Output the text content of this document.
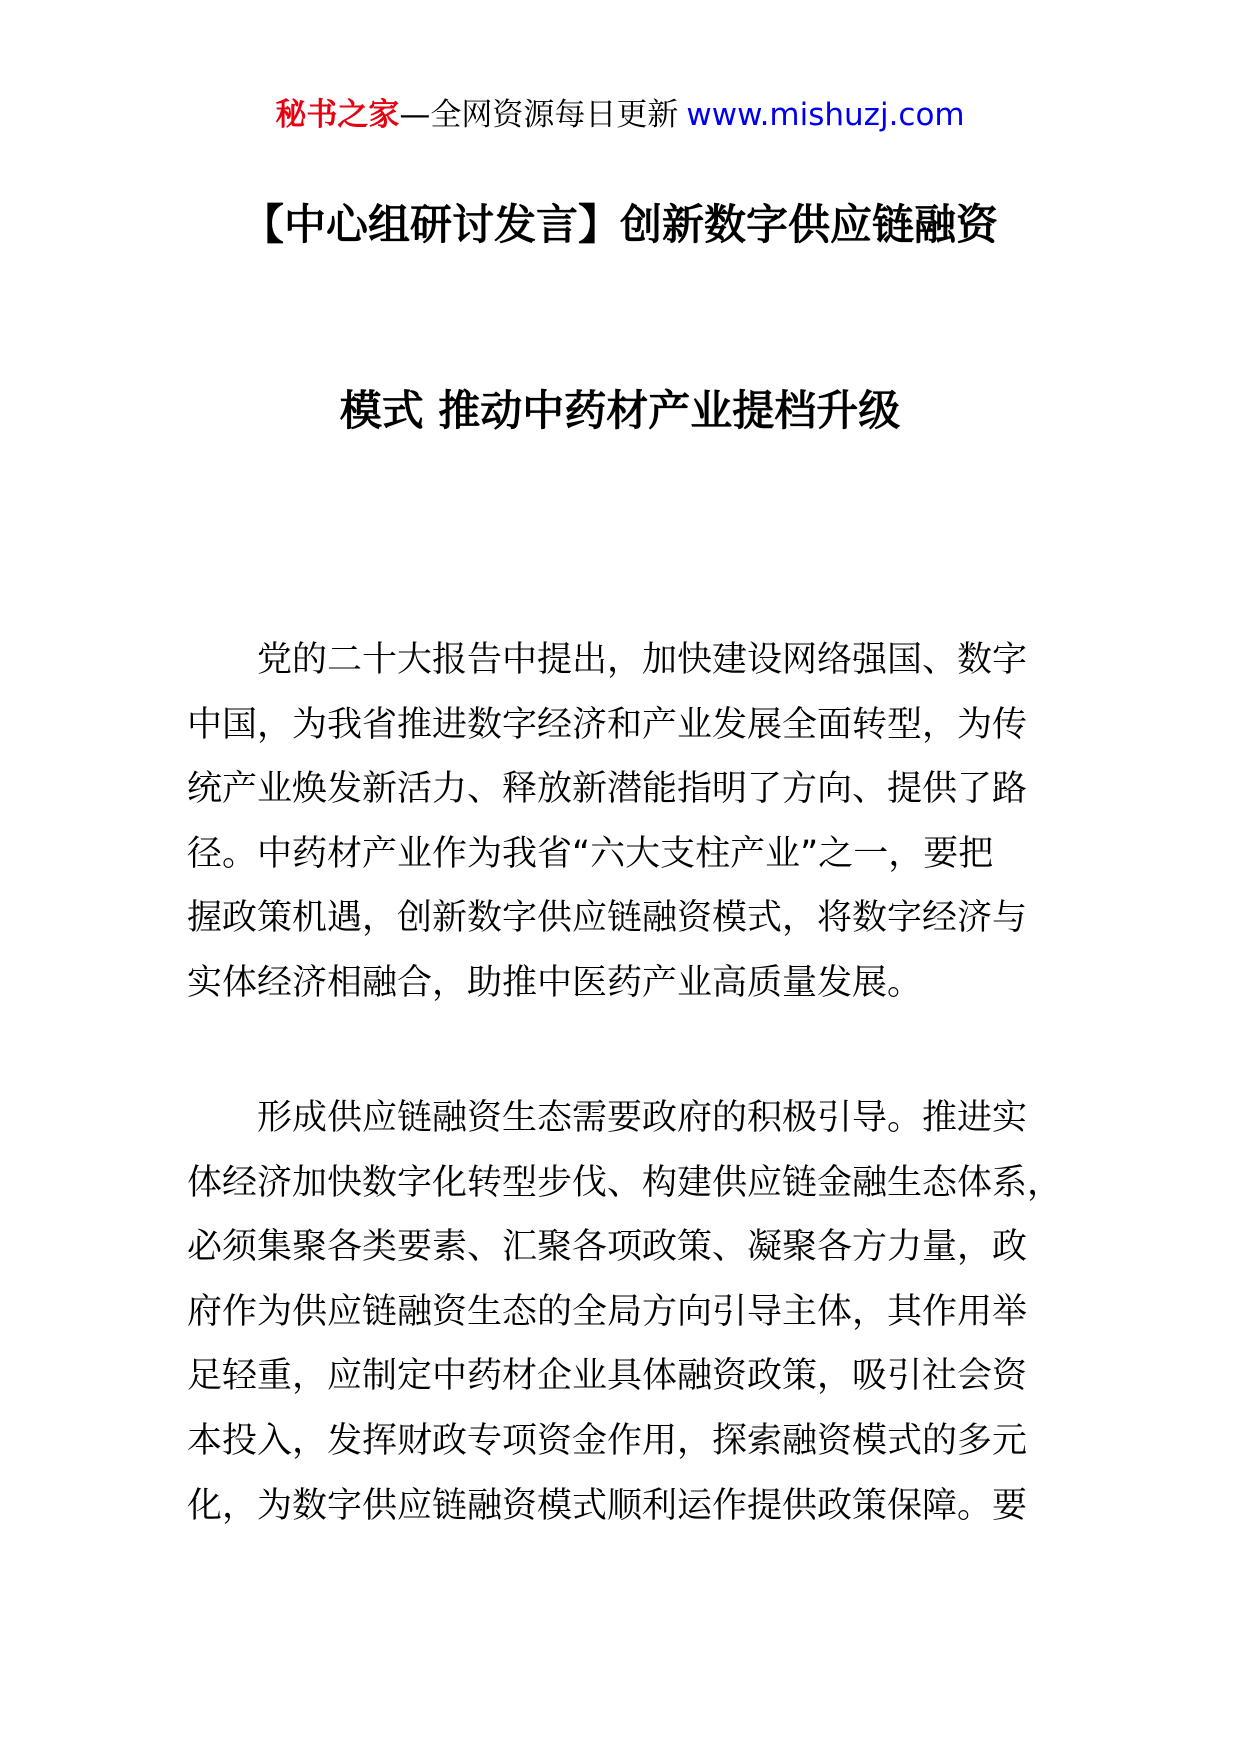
秘书之家—全网资源每日更新 www.mishuzj.com
【中心组研讨发言】创新数字供应链融资
模式 推动中药材产业提档升级
党的二十大报告中提出，加快建设网络强国、数字
中国，为我省推进数字经济和产业发展全面转型，为传
统产业焕发新活力、释放新潜能指明了方向、提供了路
径。中药材产业作为我省“六大支柱产业”之一，要把
握政策机遇，创新数字供应链融资模式，将数字经济与
实体经济相融合，助推中医药产业高质量发展。
形成供应链融资生态需要政府的积极引导。推进实
体经济加快数字化转型步伐、构建供应链金融生态体系，
必须集聚各类要素、汇聚各项政策、凝聚各方力量，政
府作为供应链融资生态的全局方向引导主体，其作用举
足轻重，应制定中药材企业具体融资政策，吸引社会资
本投入，发挥财政专项资金作用，探索融资模式的多元
化，为数字供应链融资模式顺利运作提供政策保障。要
